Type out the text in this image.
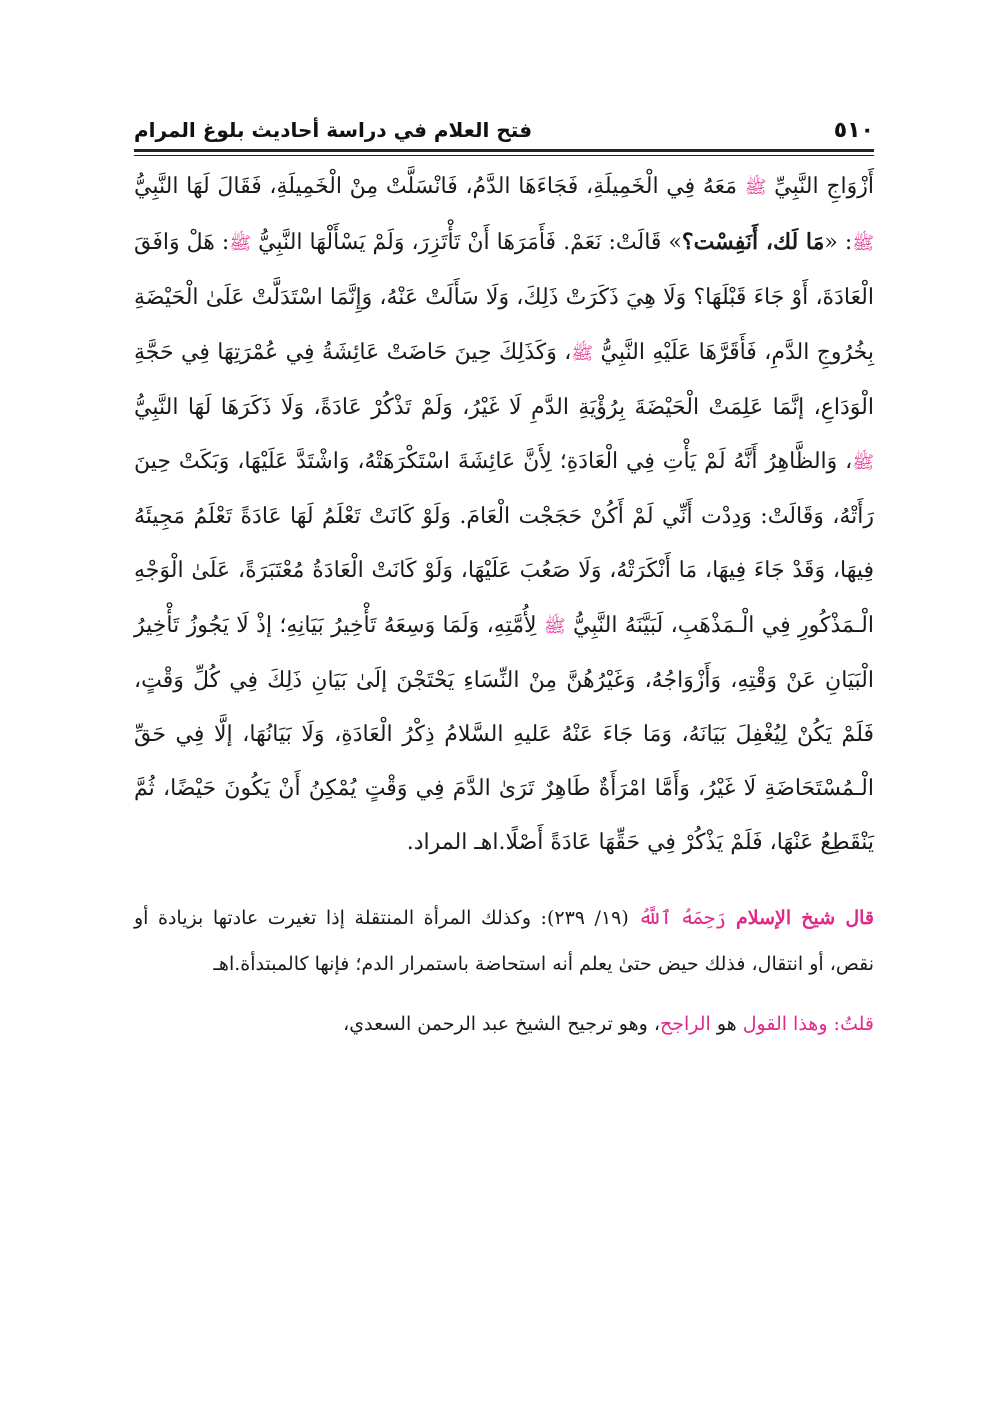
فتح العلام في دراسة أحاديث بلوغ المرام	٥١٠

أَزْوَاجِ النَّبِيِّ ﷺ مَعَهُ فِي الْخَمِيلَةِ، فَجَاءَهَا الدَّمُ، فَانْسَلَّتْ مِنْ الْخَمِيلَةِ، فَقَالَ لَهَا النَّبِيُّ ﷺ: «مَا لَك، أَنَفِسْت؟» قَالَتْ: نَعَمْ. فَأَمَرَهَا أَنْ تَأْتَزِرَ، وَلَمْ يَسْأَلْهَا النَّبِيُّ ﷺ: هَلْ وَافَقَ الْعَادَةَ، أَوْ جَاءَ قَبْلَهَا؟ وَلَا هِيَ ذَكَرَتْ ذَلِكَ، وَلَا سَأَلَتْ عَنْهُ، وَإِنَّمَا اسْتَدَلَّتْ عَلَىٰ الْحَيْضَةِ بِخُرُوجِ الدَّمِ، فَأَقَرَّهَا عَلَيْهِ النَّبِيُّ ﷺ، وَكَذَلِكَ حِينَ حَاضَتْ عَائِشَةُ فِي عُمْرَتِهَا فِي حَجَّةِ الْوَدَاعِ، إنَّمَا عَلِمَتْ الْحَيْضَةَ بِرُؤْيَةِ الدَّمِ لَا غَيْرُ، وَلَمْ تَذْكُرْ عَادَةً، وَلَا ذَكَرَهَا لَهَا النَّبِيُّ ﷺ، وَالظَّاهِرُ أَنَّهُ لَمْ يَأْتِ فِي الْعَادَةِ؛ لِأَنَّ عَائِشَةَ اسْتَكْرَهَتْهُ، وَاشْتَدَّ عَلَيْهَا، وَبَكَتْ حِينَ رَأَتْهُ، وَقَالَتْ: وَدِدْت أَنِّي لَمْ أَكُنْ حَجَجْت الْعَامَ. وَلَوْ كَانَتْ تَعْلَمُ لَهَا عَادَةً تَعْلَمُ مَجِيئَهُ فِيهَا، وَقَدْ جَاءَ فِيهَا، مَا أَنْكَرَتْهُ، وَلَا صَعُبَ عَلَيْهَا، وَلَوْ كَانَتْ الْعَادَةُ مُعْتَبَرَةً، عَلَىٰ الْوَجْهِ الْـمَذْكُورِ فِي الْـمَذْهَبِ، لَبَيَّنَهُ النَّبِيُّ ﷺ لِأُمَّتِهِ، وَلَمَا وَسِعَهُ تَأْخِيرُ بَيَانِهِ؛ إذْ لَا يَجُوزُ تَأْخِيرُ الْبَيَانِ عَنْ وَقْتِهِ، وَأَزْوَاجُهُ، وَغَيْرُهُنَّ مِنْ النِّسَاءِ يَحْتَجْنَ إلَىٰ بَيَانِ ذَلِكَ فِي كُلِّ وَقْتٍ، فَلَمْ يَكُنْ لِيُغْفِلَ بَيَانَهُ، وَمَا جَاءَ عَنْهُ عَليهِ السَّلامُ ذِكْرُ الْعَادَةِ، وَلَا بَيَانُهَا، إلَّا فِي حَقِّ الْـمُسْتَحَاضَةِ لَا غَيْرُ، وَأَمَّا امْرَأَةٌ طَاهِرٌ تَرَىٰ الدَّمَ فِي وَقْتٍ يُمْكِنُ أَنْ يَكُونَ حَيْضًا، ثُمَّ يَنْقَطِعُ عَنْهَا، فَلَمْ يَذْكُرْ فِي حَقِّهَا عَادَةً أَصْلًا.اهـ المراد.

قال شيخ الإسلام رَحِمَهُ ٱللَّهُ (١٩/ ٢٣٩): وكذلك المرأة المنتقلة إذا تغيرت عادتها بزيادة أو نقص، أو انتقال، فذلك حيض حتىٰ يعلم أنه استحاضة باستمرار الدم؛ فإنها كالمبتدأة.اهـ

قلتُ: وهذا القول هو الراجح، وهو ترجيح الشيخ عبد الرحمن السعدي،
